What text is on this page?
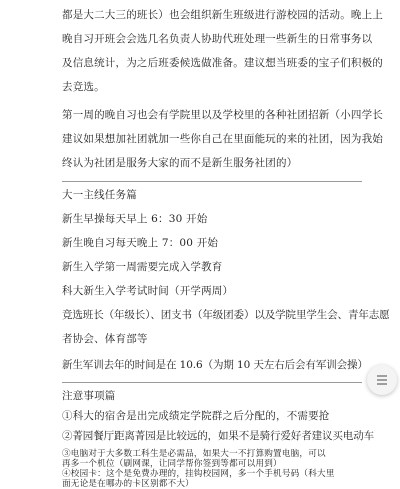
都是大二大三的班长）也会组织新生班级进行游校园的活动。晚上上
晚自习开班会会选几名负责人协助代班处理一些新生的日常事务以
及信息统计，为之后班委候选做准备。建议想当班委的宝子们积极的
去竞选。
第一周的晚自习也会有学院里以及学校里的各种社团招新（小四学长
建议如果想加社团就加一些你自己在里面能玩的来的社团，因为我始
终认为社团是服务大家的而不是新生服务社团的）
大一主线任务篇
新生早操每天早上 6：30 开始
新生晚自习每天晚上 7：00 开始
新生入学第一周需要完成入学教育
科大新生入学考试时间（开学两周）
竞选班长（年级长）、团支书（年级团委）以及学院里学生会、青年志愿
者协会、体育部等
新生军训去年的时间是在 10.6（为期 10 天左右后会有军训会操）
注意事项篇
①科大的宿舍是出完成绩定学院群之后分配的，不需要抢
②菁园餐厅距离菁园是比较远的，如果不是骑行爱好者建议买电动车
③电脑对于大多数工科生是必需品，如果大一不打算购置电脑，可以
再多一个机位（刷网课，让同学帮你签到等都可以用到）
④校园卡：这个是免费办理的，挂钩校园网，多一个手机号码（科大里
面无论是在哪办的卡区别都不大）
